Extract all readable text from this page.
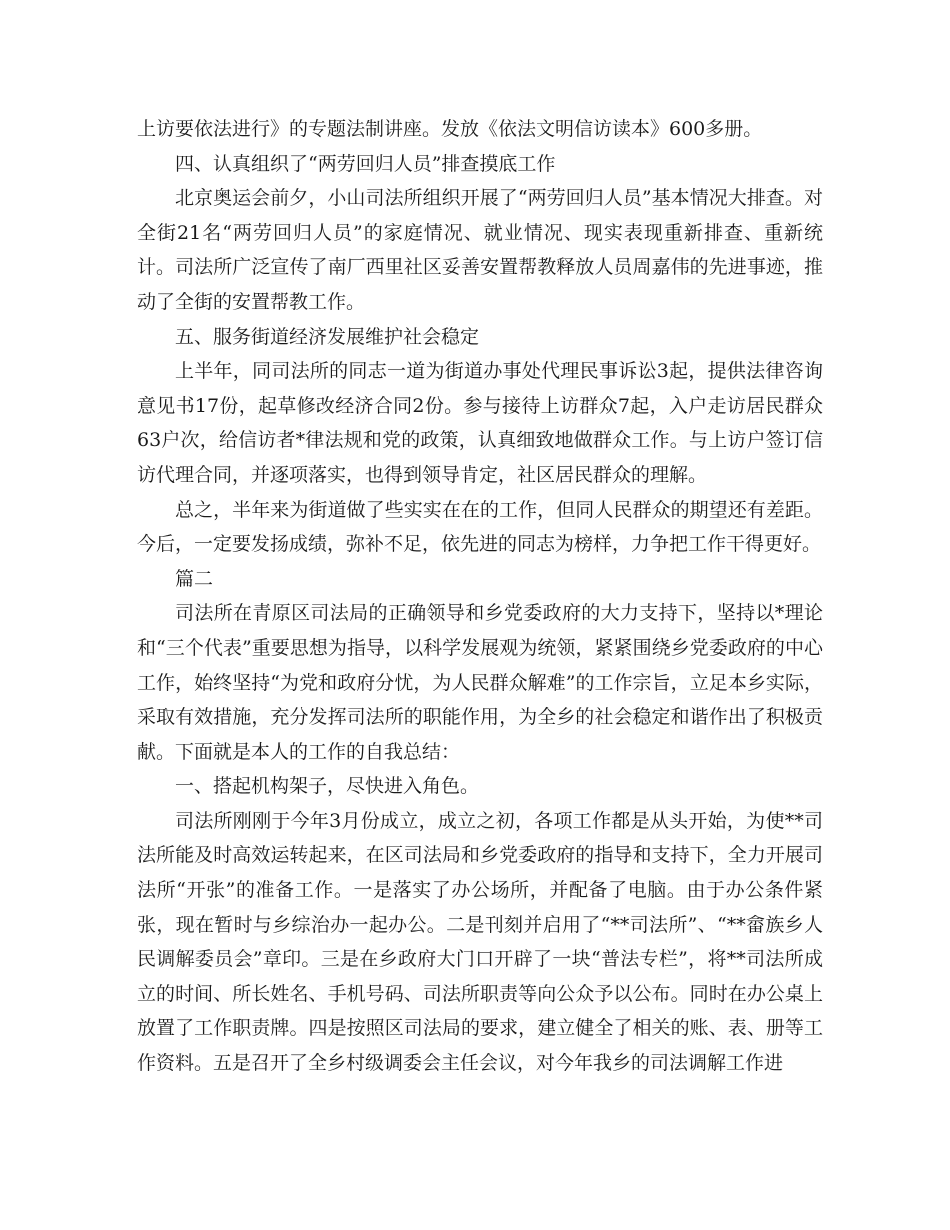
上访要依法进行》的专题法制讲座。发放《依法文明信访读本》600多册。

四、认真组织了“两劳回归人员”排查摸底工作

北京奥运会前夕，小山司法所组织开展了“两劳回归人员”基本情况大排查。对全街21名“两劳回归人员”的家庭情况、就业情况、现实表现重新排查、重新统计。司法所广泛宣传了南厂西里社区妥善安置帮教释放人员周嘉伟的先进事迹，推动了全街的安置帮教工作。

五、服务街道经济发展维护社会稳定

上半年，同司法所的同志一道为街道办事处代理民事诉讼3起，提供法律咨询意见书17份，起草修改经济合同2份。参与接待上访群众7起，入户走访居民群众63户次，给信访者*律法规和党的政策，认真细致地做群众工作。与上访户签订信访代理合同，并逐项落实，也得到领导肯定，社区居民群众的理解。

总之，半年来为街道做了些实实在在的工作，但同人民群众的期望还有差距。今后，一定要发扬成绩，弥补不足，依先进的同志为榜样，力争把工作干得更好。

篇二

司法所在青原区司法局的正确领导和乡党委政府的大力支持下，坚持以*理论和“三个代表”重要思想为指导，以科学发展观为统领，紧紧围绕乡党委政府的中心工作，始终坚持“为党和政府分忧，为人民群众解难”的工作宗旨，立足本乡实际，采取有效措施，充分发挥司法所的职能作用，为全乡的社会稳定和谐作出了积极贡献。下面就是本人的工作的自我总结：

一、搭起机构架子，尽快进入角色。

司法所刚刚于今年3月份成立，成立之初，各项工作都是从头开始，为使**司法所能及时高效运转起来，在区司法局和乡党委政府的指导和支持下，全力开展司法所“开张”的准备工作。一是落实了办公场所，并配备了电脑。由于办公条件紧张，现在暂时与乡综治办一起办公。二是刊刻并启用了“**司法所”、“**畲族乡人民调解委员会”章印。三是在乡政府大门口开辟了一块“普法专栏”，将**司法所成立的时间、所长姓名、手机号码、司法所职责等向公众予以公布。同时在办公桌上放置了工作职责牌。四是按照区司法局的要求，建立健全了相关的账、表、册等工作资料。五是召开了全乡村级调委会主任会议，对今年我乡的司法调解工作进
